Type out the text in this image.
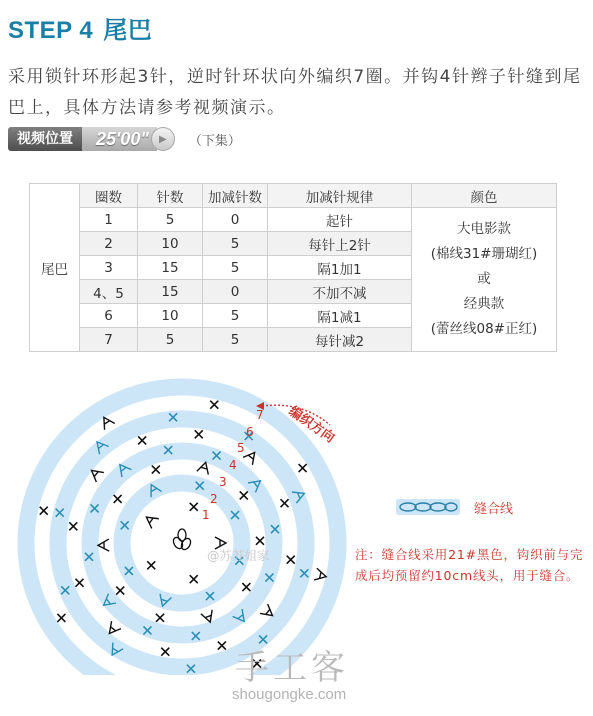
STEP 4 尾巴
采用锁针环形起3针，逆时针环状向外编织7圈。并钩4针辫子针缝到尾巴上，具体方法请参考视频演示。
视频位置	25'00"	▶	（下集）
尾巴	圈数	针数	加减针数	加减针规律	颜色
	1	5	0	起针	大电影款
(棉线31#珊瑚红)
或
经典款
(蕾丝线08#正红)

	2	10	5	每针上2针	
	3	15	5	隔1加1	
	4、5	15	0	不加不减	
	6	10	5	隔1减1	
	7	5	5	每针减2	
1
2
3
4
5
6
7 编织方向
缝合线
注：缝合线采用21#黑色，钩织前与完成后均预留约10cm线头，用于缝合。
@苏苏姐家
手工客
shougongke.com
